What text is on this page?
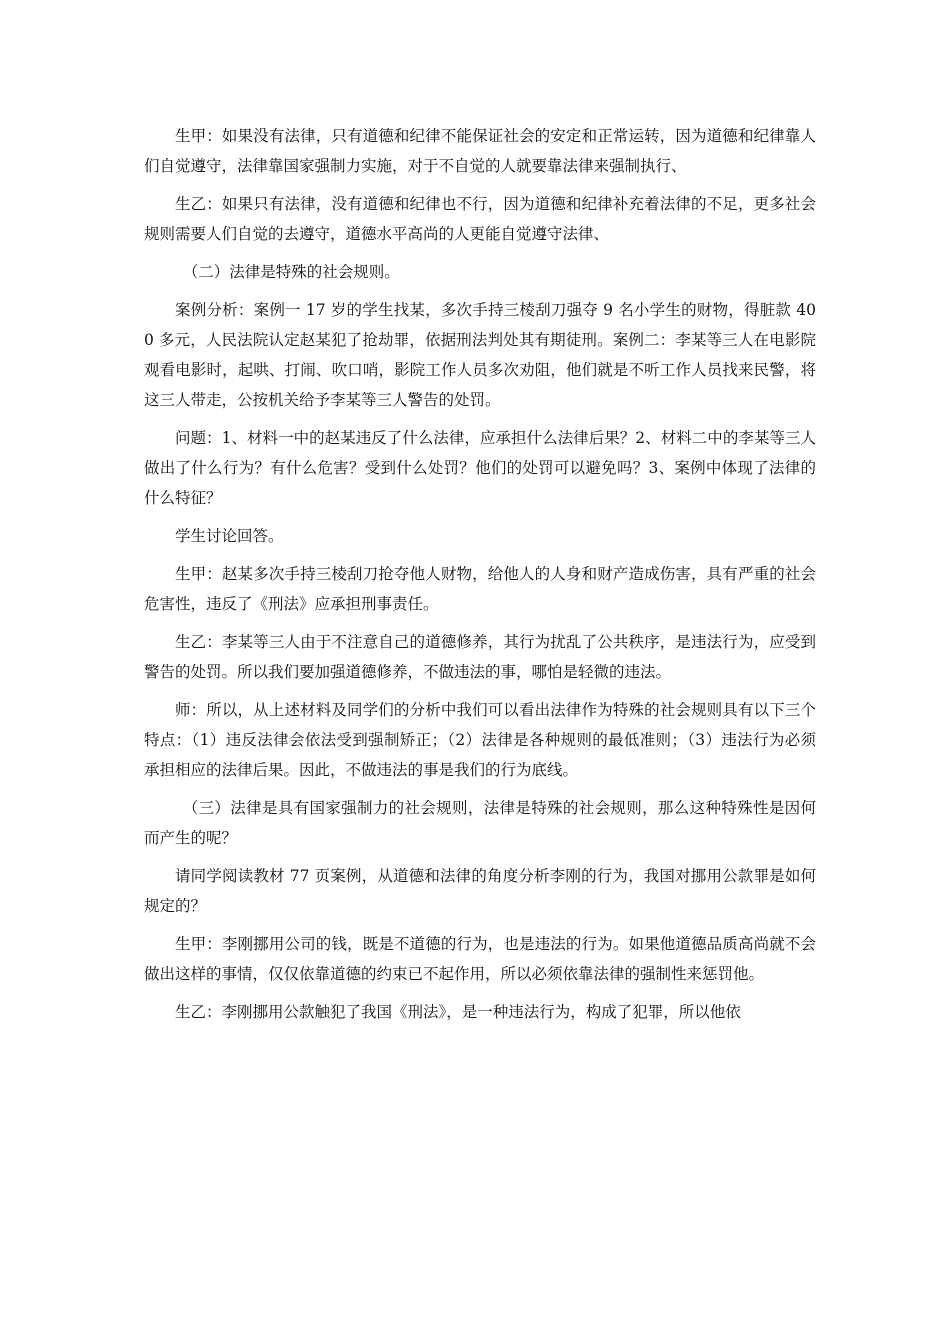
生甲：如果没有法律，只有道德和纪律不能保证社会的安定和正常运转，因为道德和纪律靠人们自觉遵守，法律靠国家强制力实施，对于不自觉的人就要靠法律来强制执行、

生乙：如果只有法律，没有道德和纪律也不行，因为道德和纪律补充着法律的不足，更多社会规则需要人们自觉的去遵守，道德水平高尚的人更能自觉遵守法律、

（二）法律是特殊的社会规则。

案例分析：案例一 17 岁的学生找某，多次手持三棱刮刀强夺 9 名小学生的财物，得脏款 400 多元，人民法院认定赵某犯了抢劫罪，依据刑法判处其有期徒刑。案例二：李某等三人在电影院观看电影时，起哄、打闹、吹口哨，影院工作人员多次劝阻，他们就是不听工作人员找来民警，将这三人带走，公按机关给予李某等三人警告的处罚。

问题：1、材料一中的赵某违反了什么法律，应承担什么法律后果？2、材料二中的李某等三人做出了什么行为？有什么危害？受到什么处罚？他们的处罚可以避免吗？3、案例中体现了法律的什么特征？

学生讨论回答。

生甲：赵某多次手持三棱刮刀抢夺他人财物，给他人的人身和财产造成伤害，具有严重的社会危害性，违反了《刑法》应承担刑事责任。

生乙：李某等三人由于不注意自己的道德修养，其行为扰乱了公共秩序，是违法行为，应受到警告的处罚。所以我们要加强道德修养，不做违法的事，哪怕是轻微的违法。

师：所以，从上述材料及同学们的分析中我们可以看出法律作为特殊的社会规则具有以下三个特点：（1）违反法律会依法受到强制矫正；（2）法律是各种规则的最低准则；（3）违法行为必须承担相应的法律后果。因此，不做违法的事是我们的行为底线。

（三）法律是具有国家强制力的社会规则，法律是特殊的社会规则，那么这种特殊性是因何而产生的呢？

请同学阅读教材 77 页案例，从道德和法律的角度分析李刚的行为，我国对挪用公款罪是如何规定的？

生甲：李刚挪用公司的钱，既是不道德的行为，也是违法的行为。如果他道德品质高尚就不会做出这样的事情，仅仅依靠道德的约束已不起作用，所以必须依靠法律的强制性来惩罚他。

生乙：李刚挪用公款触犯了我国《刑法》，是一种违法行为，构成了犯罪，所以他依
